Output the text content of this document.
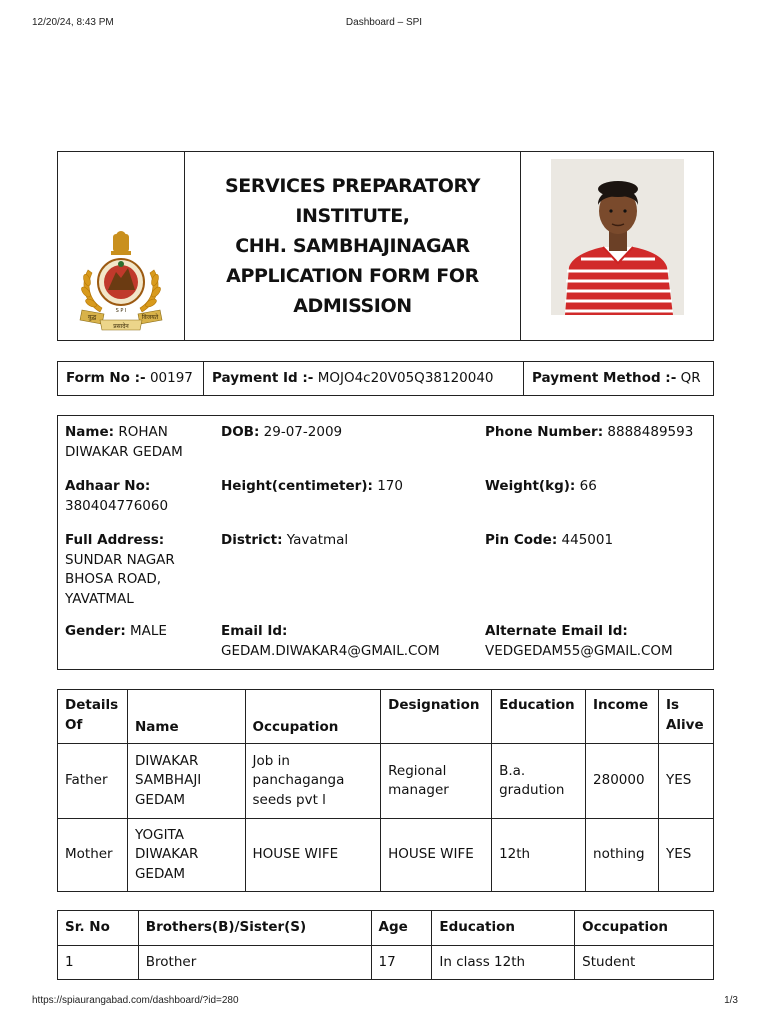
12/20/24, 8:43 PM	Dashboard – SPI
युद्ध	विजयते
प्रसादेन
S P I
SERVICES PREPARATORY
INSTITUTE,
CHH. SAMBHAJINAGAR
APPLICATION FORM FOR
ADMISSION
Form No :- 00197	Payment Id :- MOJO4c20V05Q38120040	Payment Method :- QR
Name: ROHAN DIWAKAR GEDAM
DOB: 29-07-2009	Phone Number: 8888489593
Adhaar No: 380404776060
Height(centimeter): 170	Weight(kg): 66
Full Address: SUNDAR NAGAR BHOSA ROAD, YAVATMAL
District: Yavatmal	Pin Code: 445001
Gender: MALE	Email Id:
GEDAM.DIWAKAR4@GMAIL.COM
Alternate Email Id:
VEDGEDAM55@GMAIL.COM
Details Of	Name	Occupation	Designation	Education	Income	Is Alive
Father	DIWAKAR SAMBHAJI GEDAM	Job in panchaganga seeds pvt l	Regional manager	B.a. gradution	280000	YES
Mother	YOGITA DIWAKAR GEDAM	HOUSE WIFE	HOUSE WIFE	12th	nothing	YES
Sr. No	Brothers(B)/Sister(S)	Age	Education	Occupation
1	Brother	17	In class 12th	Student
https://spiaurangabad.com/dashboard/?id=280	1/3
